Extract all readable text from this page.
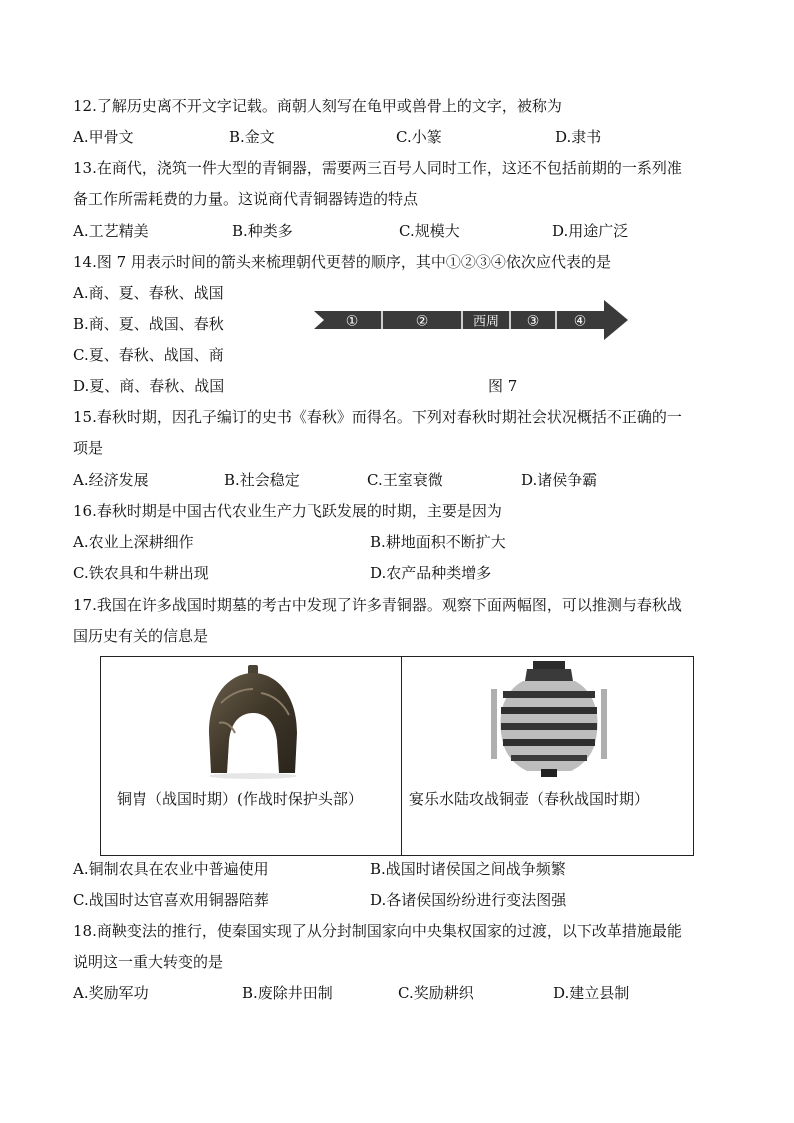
12.了解历史离不开文字记载。商朝人刻写在龟甲或兽骨上的文字，被称为
A.甲骨文	B.金文	C.小篆	D.隶书
13.在商代，浇筑一件大型的青铜器，需要两三百号人同时工作，这还不包括前期的一系列准
备工作所需耗费的力量。这说商代青铜器铸造的特点
A.工艺精美	B.种类多	C.规模大	D.用途广泛
14.图 7 用表示时间的箭头来梳理朝代更替的顺序，其中①②③④依次应代表的是
A.商、夏、春秋、战国
B.商、夏、战国、春秋
C.夏、春秋、战国、商
D.夏、商、春秋、战国
①	②	西周 ③ ④
图 7
15.春秋时期，因孔子编订的史书《春秋》而得名。下列对春秋时期社会状况概括不正确的一
项是
A.经济发展	B.社会稳定	C.王室衰微	D.诸侯争霸
16.春秋时期是中国古代农业生产力飞跃发展的时期，主要是因为
A.农业上深耕细作	B.耕地面积不断扩大
C.铁农具和牛耕出现	D.农产品种类增多
17.我国在许多战国时期墓的考古中发现了许多青铜器。观察下面两幅图，可以推测与春秋战
国历史有关的信息是
铜胄（战国时期）(作战时保护头部）	宴乐水陆攻战铜壶（春秋战国时期）
A.铜制农具在农业中普遍使用	B.战国时诸侯国之间战争频繁
C.战国时达官喜欢用铜器陪葬	D.各诸侯国纷纷进行变法图强
18.商鞅变法的推行，使秦国实现了从分封制国家向中央集权国家的过渡，以下改革措施最能
说明这一重大转变的是
A.奖励军功	B.废除井田制	C.奖励耕织	D.建立县制
